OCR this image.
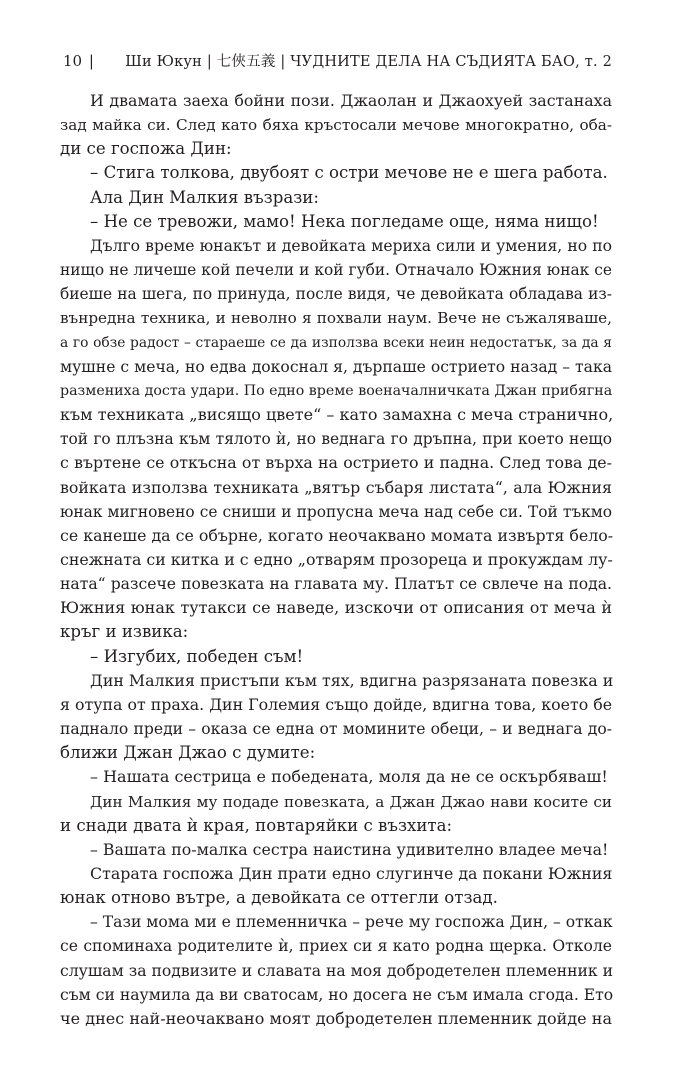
10 | Ши Юкун | 七俠五義 | ЧУДНИТЕ ДЕЛА НА СЪДИЯТА БАО, т. 2
И двамата заеха бойни пози. Джаолан и Джаохуей застанаха
зад майка си. След като бяха кръстосали мечове многократно, оба-
ди се госпожа Дин:
– Стига толкова, двубоят с остри мечове не е шега работа.
Ала Дин Малкия възрази:
– Не се тревожи, мамо! Нека погледаме още, няма нищо!
Дълго време юнакът и девойката мериха сили и умения, но по
нищо не личеше кой печели и кой губи. Отначало Южния юнак се
биеше на шега, по принуда, после видя, че девойката обладава из-
вънредна техника, и неволно я похвали наум. Вече не съжаляваше,
а го обзе радост – стараеше се да използва всеки неин недостатък, за да я
мушне с меча, но едва докоснал я, дърпаше острието назад – така
размениха доста удари. По едно време военачалничката Джан прибягна
към техниката „висящо цвете“ – като замахна с меча странично,
той го плъзна към тялото ѝ, но веднага го дръпна, при което нещо
с въртене се откъсна от върха на острието и падна. След това де-
войката използва техниката „вятър събаря листата“, ала Южния
юнак мигновено се сниши и пропусна меча над себе си. Той тъкмо
се канеше да се обърне, когато неочаквано момата извъртя бело-
снежната си китка и с едно „отварям прозореца и прокуждам лу-
ната“ разсече повезката на главата му. Платът се свлече на пода.
Южния юнак тутакси се наведе, изскочи от описания от меча ѝ
кръг и извика:
– Изгубих, победен съм!
Дин Малкия пристъпи към тях, вдигна разрязаната повезка и
я отупа от праха. Дин Големия също дойде, вдигна това, което бе
паднало преди – оказа се една от момините обеци, – и веднага до-
ближи Джан Джао с думите:
– Нашата сестрица е победената, моля да не се оскърбяваш!
Дин Малкия му подаде повезката, а Джан Джао нави косите си
и снади двата ѝ края, повтаряйки с възхита:
– Вашата по-малка сестра наистина удивително владее меча!
Старата госпожа Дин прати едно слугинче да покани Южния
юнак отново вътре, а девойката се оттегли отзад.
– Тази мома ми е племенничка – рече му госпожа Дин, – откак
се споминаха родителите ѝ, приех си я като родна щерка. Отколе
слушам за подвизите и славата на моя добродетелен племенник и
съм си наумила да ви сватосам, но досега не съм имала сгода. Ето
че днес най-неочаквано моят добродетелен племенник дойде на
